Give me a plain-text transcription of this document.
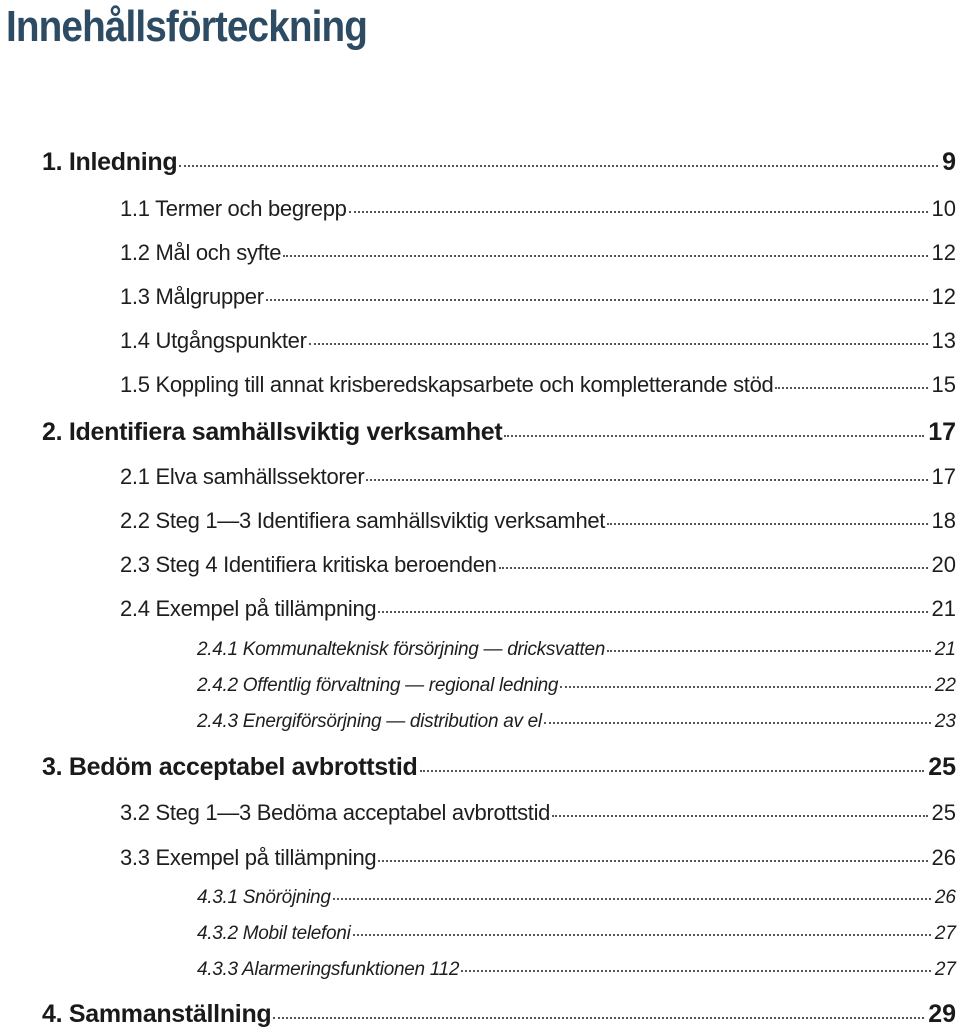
Innehållsförteckning
1. Inledning	9
1.1 Termer och begrepp	10
1.2 Mål och syfte	12
1.3 Målgrupper	12
1.4 Utgångspunkter	13
1.5 Koppling till annat krisberedskapsarbete och kompletterande stöd	15
2. Identifiera samhällsviktig verksamhet	17
2.1 Elva samhällssektorer	17
2.2 Steg 1—3 Identifiera samhällsviktig verksamhet	18
2.3 Steg 4 Identifiera kritiska beroenden	20
2.4 Exempel på tillämpning	21
2.4.1 Kommunalteknisk försörjning — dricksvatten	21
2.4.2 Offentlig förvaltning — regional ledning	22
2.4.3 Energiförsörjning — distribution av el	23
3. Bedöm acceptabel avbrottstid	25
3.2 Steg 1—3 Bedöma acceptabel avbrottstid	25
3.3 Exempel på tillämpning	26
4.3.1 Snöröjning	26
4.3.2 Mobil telefoni	27
4.3.3 Alarmeringsfunktionen 112	27
4. Sammanställning	29
